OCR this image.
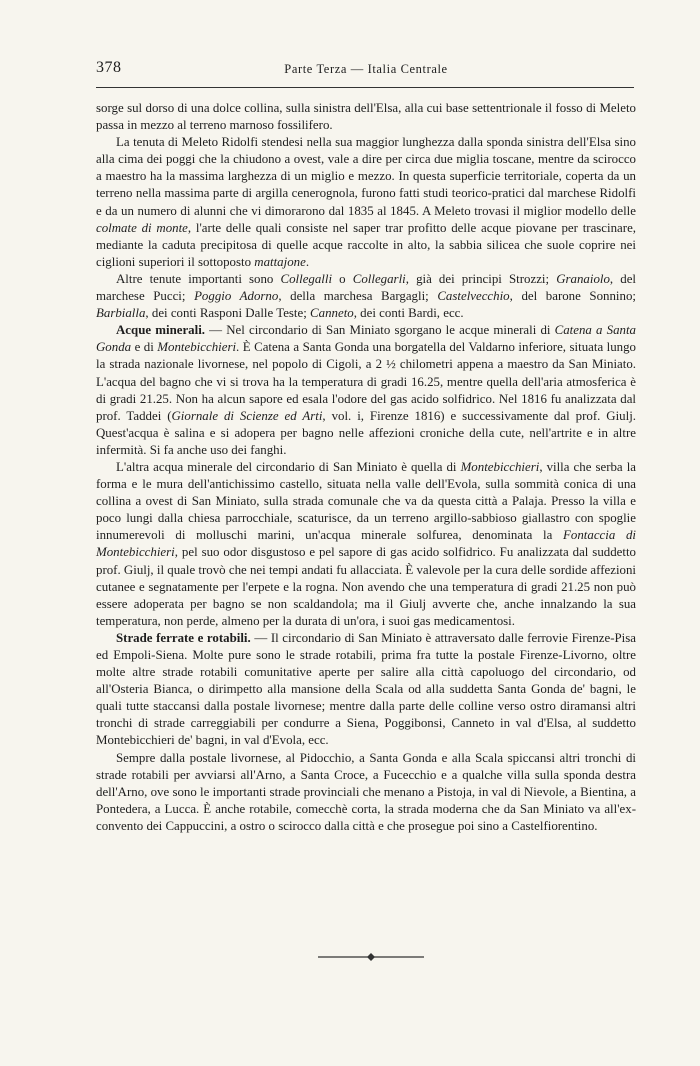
378	Parte Terza — Italia Centrale

sorge sul dorso di una dolce collina, sulla sinistra dell'Elsa, alla cui base settentrionale il fosso di Meleto passa in mezzo al terreno marnoso fossilifero.

La tenuta di Meleto Ridolfi stendesi nella sua maggior lunghezza dalla sponda sinistra dell'Elsa sino alla cima dei poggi che la chiudono a ovest, vale a dire per circa due miglia toscane, mentre da scirocco a maestro ha la massima larghezza di un miglio e mezzo. In questa superficie territoriale, coperta da un terreno nella massima parte di argilla cenerognola, furono fatti studi teorico-pratici dal marchese Ridolfi e da un numero di alunni che vi dimorarono dal 1835 al 1845. A Meleto trovasi il miglior modello delle colmate di monte, l'arte delle quali consiste nel saper trar profitto delle acque piovane per trascinare, mediante la caduta precipitosa di quelle acque raccolte in alto, la sabbia silicea che suole coprire nei ciglioni superiori il sottoposto mattajone.

Altre tenute importanti sono Collegalli o Collegarli, già dei principi Strozzi; Granaiolo, del marchese Pucci; Poggio Adorno, della marchesa Bargagli; Castelvecchio, del barone Sonnino; Barbialla, dei conti Rasponi Dalle Teste; Canneto, dei conti Bardi, ecc.

Acque minerali. — Nel circondario di San Miniato sgorgano le acque minerali di Catena a Santa Gonda e di Montebicchieri. È Catena a Santa Gonda una borgatella del Valdarno inferiore, situata lungo la strada nazionale livornese, nel popolo di Cigoli, a 2 ½ chilometri appena a maestro da San Miniato. L'acqua del bagno che vi si trova ha la temperatura di gradi 16.25, mentre quella dell'aria atmosferica è di gradi 21.25. Non ha alcun sapore ed esala l'odore del gas acido solfidrico. Nel 1816 fu analizzata dal prof. Taddei (Giornale di Scienze ed Arti, vol. i, Firenze 1816) e successivamente dal prof. Giulj. Quest'acqua è salina e si adopera per bagno nelle affezioni croniche della cute, nell'artrite e in altre infermità. Si fa anche uso dei fanghi.

L'altra acqua minerale del circondario di San Miniato è quella di Montebicchieri, villa che serba la forma e le mura dell'antichissimo castello, situata nella valle dell'Evola, sulla sommità conica di una collina a ovest di San Miniato, sulla strada comunale che va da questa città a Palaja. Presso la villa e poco lungi dalla chiesa parrocchiale, scaturisce, da un terreno argillo-sabbioso giallastro con spoglie innumerevoli di molluschi marini, un'acqua minerale solfurea, denominata la Fontaccia di Montebicchieri, pel suo odor disgustoso e pel sapore di gas acido solfidrico. Fu analizzata dal suddetto prof. Giulj, il quale trovò che nei tempi andati fu allacciata. È valevole per la cura delle sordide affezioni cutanee e segnatamente per l'erpete e la rogna. Non avendo che una temperatura di gradi 21.25 non può essere adoperata per bagno se non scaldandola; ma il Giulj avverte che, anche innalzando la sua temperatura, non perde, almeno per la durata di un'ora, i suoi gas medicamentosi.

Strade ferrate e rotabili. — Il circondario di San Miniato è attraversato dalle ferrovie Firenze-Pisa ed Empoli-Siena. Molte pure sono le strade rotabili, prima fra tutte la postale Firenze-Livorno, oltre molte altre strade rotabili comunitative aperte per salire alla città capoluogo del circondario, od all'Osteria Bianca, o dirimpetto alla mansione della Scala od alla suddetta Santa Gonda de' bagni, le quali tutte staccansi dalla postale livornese; mentre dalla parte delle colline verso ostro diramansi altri tronchi di strade carreggiabili per condurre a Siena, Poggibonsi, Canneto in val d'Elsa, al suddetto Montebicchieri de' bagni, in val d'Evola, ecc.

Sempre dalla postale livornese, al Pidocchio, a Santa Gonda e alla Scala spiccansi altri tronchi di strade rotabili per avviarsi all'Arno, a Santa Croce, a Fucecchio e a qualche villa sulla sponda destra dell'Arno, ove sono le importanti strade provinciali che menano a Pistoja, in val di Nievole, a Bientina, a Pontedera, a Lucca. È anche rotabile, comecchè corta, la strada moderna che da San Miniato va all'ex-convento dei Cappuccini, a ostro o scirocco dalla città e che prosegue poi sino a Castelfiorentino.
